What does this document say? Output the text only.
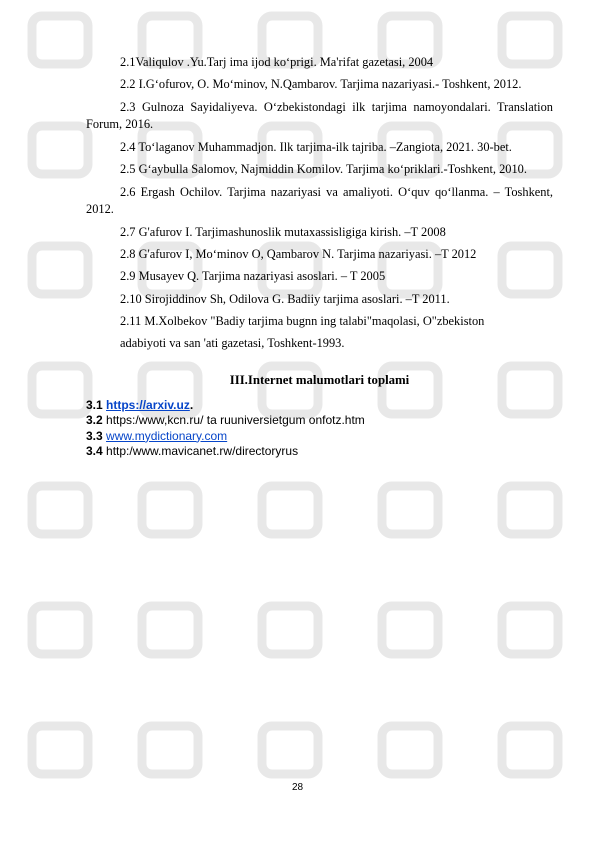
2.1Valiqulov .Yu.Tarj ima ijod koʻprigi. Ma'rifat gazetasi, 2004

2.2 I.Gʻofurov, O. Moʻminov, N.Qambarov. Tarjima nazariyasi.- Toshkent, 2012.

2.3 Gulnoza Sayidaliyeva. Oʻzbekistondagi ilk tarjima namoyondalari. Translation Forum, 2016.

2.4 Toʻlaganov Muhammadjon. Ilk tarjima-ilk tajriba. –Zangiota, 2021. 30-bet.

2.5 Gʻaybulla Salomov, Najmiddin Komilov. Tarjima koʻpriklari.-Toshkent, 2010.

2.6 Ergash Ochilov. Tarjima nazariyasi va amaliyoti. Oʻquv qoʻllanma. – Toshkent, 2012.

2.7 G'afurov I. Tarjimashunoslik mutaxassisligiga kirish. –T 2008

2.8 G'afurov I, Moʻminov O, Qambarov N. Tarjima nazariyasi. –T 2012

2.9 Musayev Q. Tarjima nazariyasi asoslari. – T 2005

2.10 Sirojiddinov Sh, Odilova G. Badiiy tarjima asoslari. –T 2011.

2.11 M.Xolbekov "Badiy tarjima bugnn ing talabi"maqolasi, O"zbekiston

adabiyoti va san 'ati gazetasi, Toshkent-1993.

III.Internet malumotlari toplami

3.1 https://arxiv.uz.

3.2 https:/www,kcn.ru/ ta ruuniversietgum onfotz.htm

3.3 www.mydictionary.com

3.4 http:/www.mavicanet.rw/directoryrus

28
